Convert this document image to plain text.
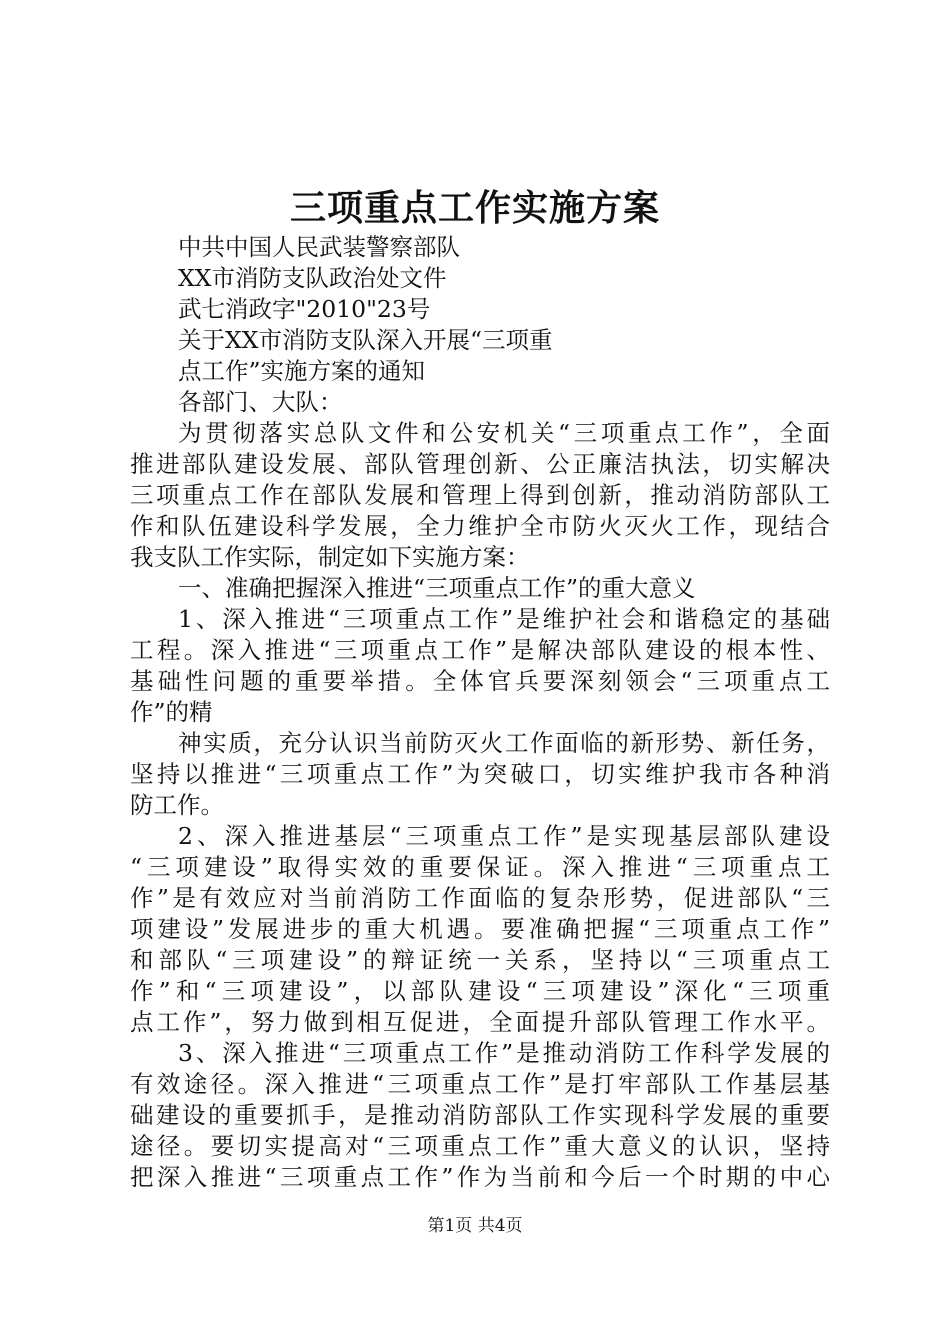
三项重点工作实施方案
中共中国人民武装警察部队
XX市消防支队政治处文件
武七消政字"2010"23号
关于XX市消防支队深入开展“三项重
点工作”实施方案的通知
各部门、大队：
为贯彻落实总队文件和公安机关“三项重点工作”，全面
推进部队建设发展、部队管理创新、公正廉洁执法，切实解决
三项重点工作在部队发展和管理上得到创新，推动消防部队工
作和队伍建设科学发展，全力维护全市防火灭火工作，现结合
我支队工作实际，制定如下实施方案：
一、准确把握深入推进“三项重点工作”的重大意义
1、深入推进“三项重点工作”是维护社会和谐稳定的基础
工程。深入推进“三项重点工作”是解决部队建设的根本性、
基础性问题的重要举措。全体官兵要深刻领会“三项重点工
作”的精
神实质，充分认识当前防灭火工作面临的新形势、新任务，
坚持以推进“三项重点工作”为突破口，切实维护我市各种消
防工作。
2、深入推进基层“三项重点工作”是实现基层部队建设
“三项建设”取得实效的重要保证。深入推进“三项重点工
作”是有效应对当前消防工作面临的复杂形势，促进部队“三
项建设”发展进步的重大机遇。要准确把握“三项重点工作”
和部队“三项建设”的辩证统一关系，坚持以“三项重点工
作”和“三项建设”，以部队建设“三项建设”深化“三项重
点工作”，努力做到相互促进，全面提升部队管理工作水平。
3、深入推进“三项重点工作”是推动消防工作科学发展的
有效途径。深入推进“三项重点工作”是打牢部队工作基层基
础建设的重要抓手，是推动消防部队工作实现科学发展的重要
途径。要切实提高对“三项重点工作”重大意义的认识，坚持
把深入推进“三项重点工作”作为当前和今后一个时期的中心
第1页 共4页
